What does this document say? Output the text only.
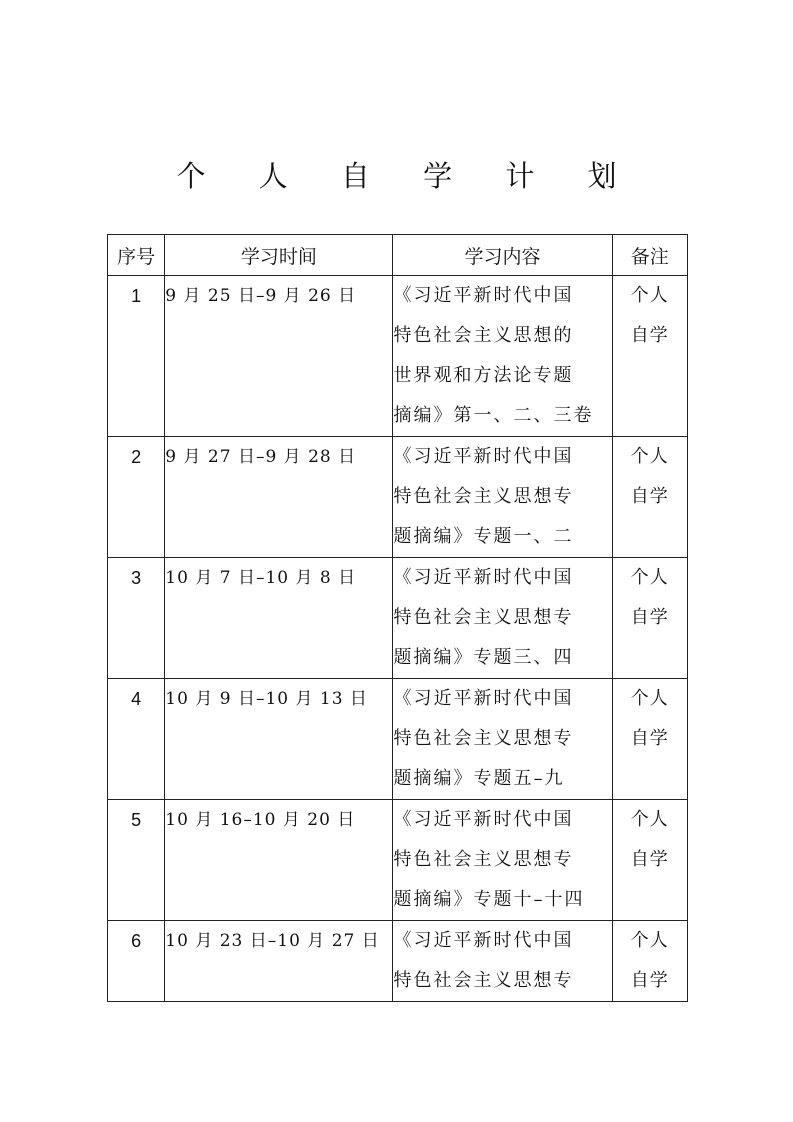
个 人 自 学 计 划
序号	学习时间	学习内容	备注
1	9 月 25 日–9 月 26 日	《习近平新时代中国
特色社会主义思想的
世界观和方法论专题
摘编》第一、二、三卷	个人
自学

2	9 月 27 日–9 月 28 日	《习近平新时代中国
特色社会主义思想专
题摘编》专题一、二	个人
自学

3	10 月 7 日–10 月 8 日	《习近平新时代中国
特色社会主义思想专
题摘编》专题三、四	个人
自学

4	10 月 9 日–10 月 13 日	《习近平新时代中国
特色社会主义思想专
题摘编》专题五–九	个人
自学

5	10 月 16–10 月 20 日	《习近平新时代中国
特色社会主义思想专
题摘编》专题十–十四	个人
自学

6	10 月 23 日–10 月 27 日	《习近平新时代中国
特色社会主义思想专	个人
自学
